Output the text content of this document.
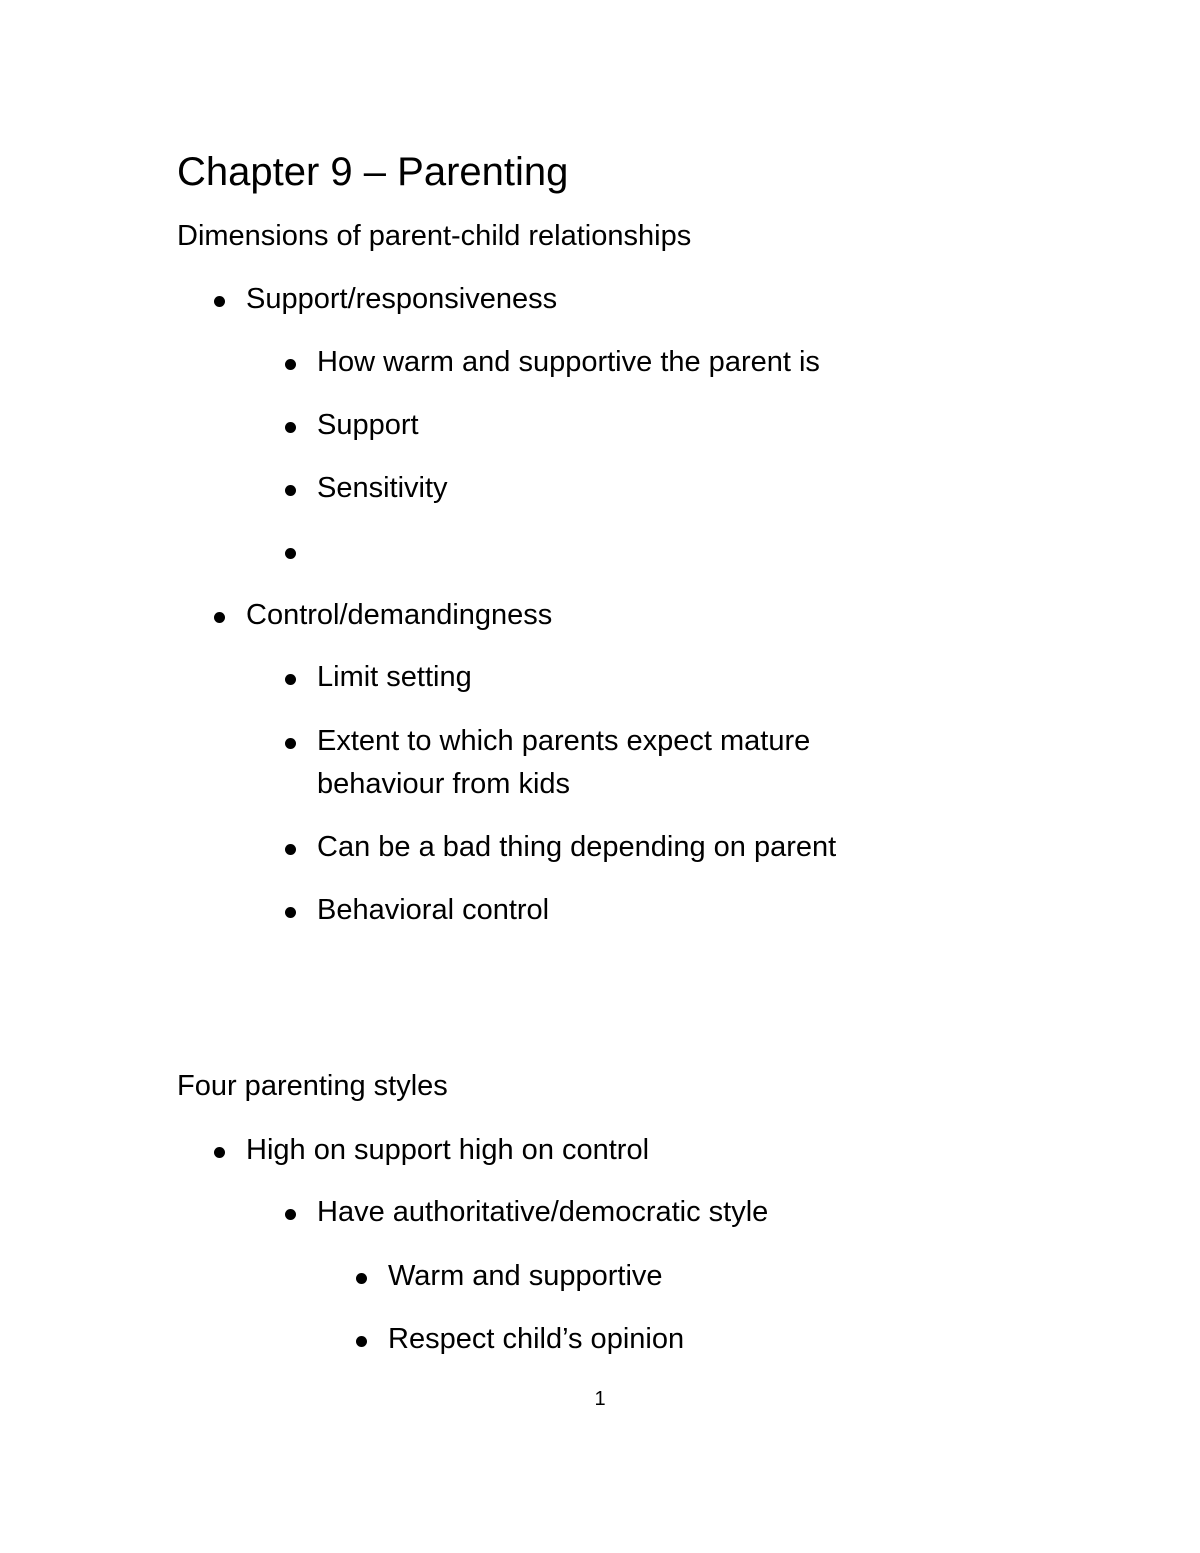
Chapter 9 – Parenting
Dimensions of parent-child relationships
Support/responsiveness
How warm and supportive the parent is
Support
Sensitivity
Control/demandingness
Limit setting
Extent to which parents expect mature behaviour from kids
Can be a bad thing depending on parent
Behavioral control
Four parenting styles
High on support high on control
Have authoritative/democratic style
Warm and supportive
Respect child’s opinion
1
